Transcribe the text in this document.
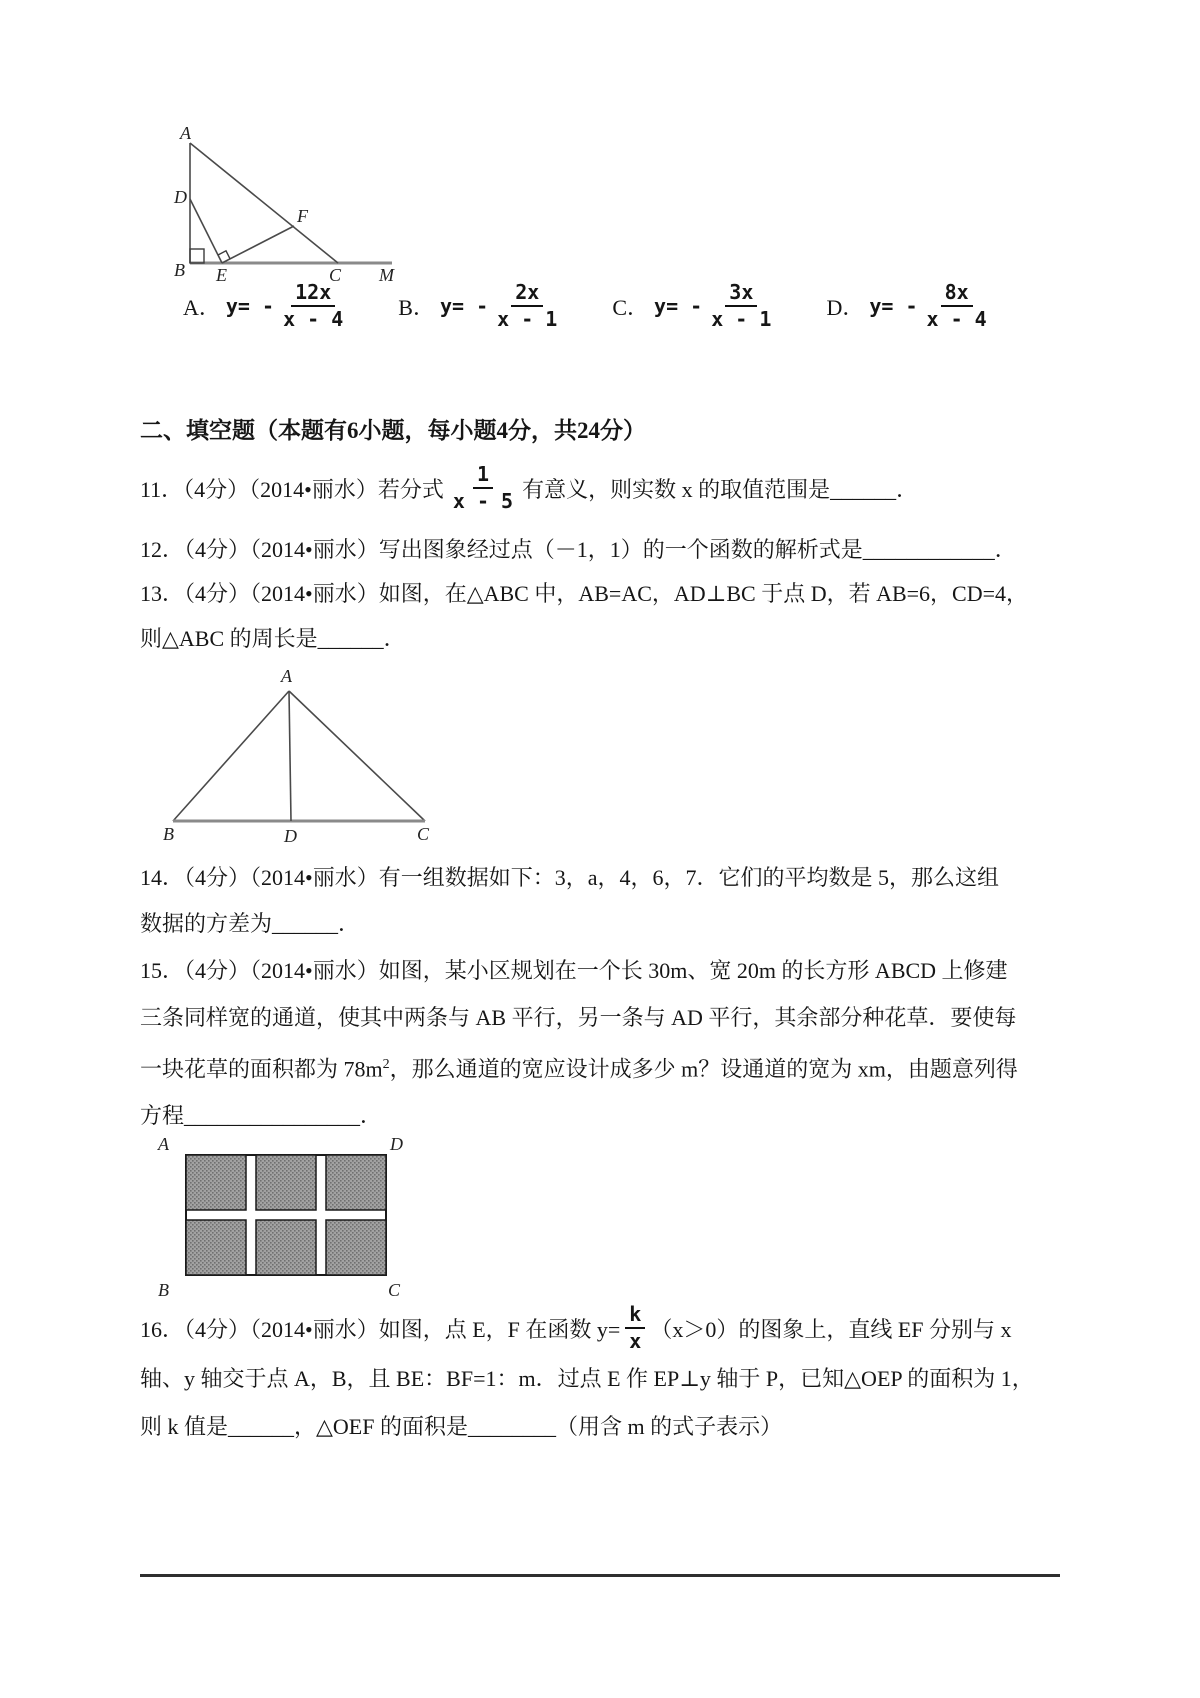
A
D
B E	C M
F
A． $y= - \frac{12x}{x - 4}$ B． $y= - \frac{2x}{x - 1}$ C． $y= - \frac{3x}{x - 1}$ D． $y= - \frac{8x}{x - 4}$
二、填空题（本题有6小题，每小题4分，共24分）
11．（4分）（2014•丽水）若分式 $\frac{1}{x - 5}$ 有意义，则实数 x 的取值范围是______．
12．（4分）（2014•丽水）写出图象经过点（－1，1）的一个函数的解析式是____________．
13．（4分）（2014•丽水）如图，在△ABC 中，AB=AC，AD⊥BC 于点 D，若 AB=6，CD=4，
则△ABC 的周长是______．
A
B	D	C
14．（4分）（2014•丽水）有一组数据如下：3，a，4，6，7．它们的平均数是 5，那么这组
数据的方差为______．
15．（4分）（2014•丽水）如图，某小区规划在一个长 30m、宽 20m 的长方形 ABCD 上修建
三条同样宽的通道，使其中两条与 AB 平行，另一条与 AD 平行，其余部分种花草．要使每
一块花草的面积都为 $78m^2$，那么通道的宽应设计成多少 m？设通道的宽为 xm，由题意列得
方程________________．
A	D
B	C
16．（4分）（2014•丽水）如图，点 E，F 在函数 $y= \frac{k}{x} (x>0)$的图象上，直线 EF 分别与 x
轴、y 轴交于点 A，B，且 BE：BF=1：m．过点 E 作 EP⊥y 轴于 P，已知△OEP 的面积为 1，
则 k 值是______，△OEF 的面积是________（用含 m 的式子表示）
